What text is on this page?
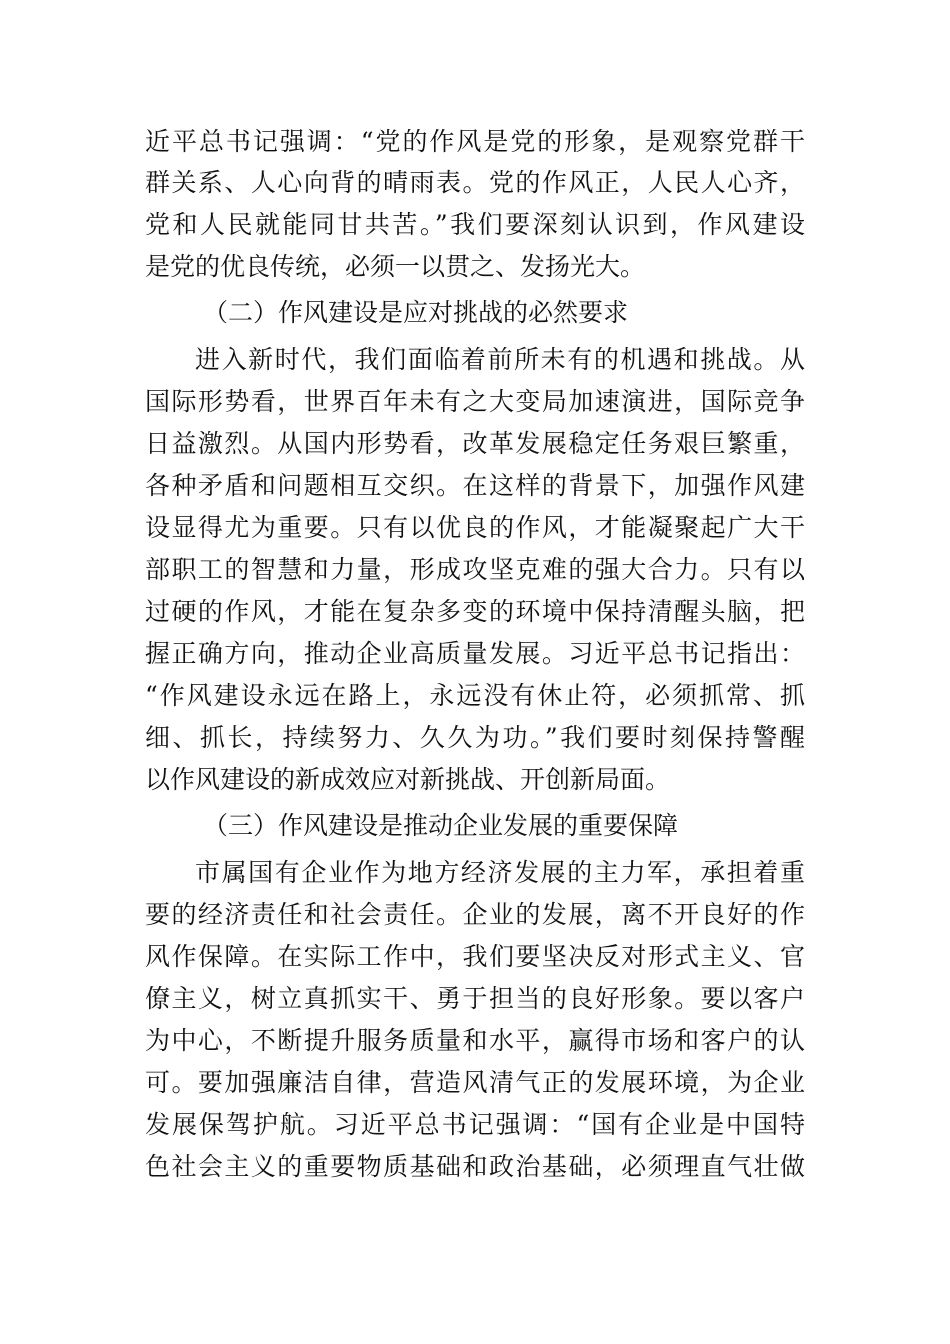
近平总书记强调：“党的作风是党的形象，是观察党群干
群关系、人心向背的晴雨表。党的作风正，人民人心齐，
党和人民就能同甘共苦。”我们要深刻认识到，作风建设
是党的优良传统，必须一以贯之、发扬光大。
（二）作风建设是应对挑战的必然要求
进入新时代，我们面临着前所未有的机遇和挑战。从
国际形势看，世界百年未有之大变局加速演进，国际竞争
日益激烈。从国内形势看，改革发展稳定任务艰巨繁重，
各种矛盾和问题相互交织。在这样的背景下，加强作风建
设显得尤为重要。只有以优良的作风，才能凝聚起广大干
部职工的智慧和力量，形成攻坚克难的强大合力。只有以
过硬的作风，才能在复杂多变的环境中保持清醒头脑，把
握正确方向，推动企业高质量发展。习近平总书记指出：
“作风建设永远在路上，永远没有休止符，必须抓常、抓
细、抓长，持续努力、久久为功。”我们要时刻保持警醒
以作风建设的新成效应对新挑战、开创新局面。
（三）作风建设是推动企业发展的重要保障
市属国有企业作为地方经济发展的主力军，承担着重
要的经济责任和社会责任。企业的发展，离不开良好的作
风作保障。在实际工作中，我们要坚决反对形式主义、官
僚主义，树立真抓实干、勇于担当的良好形象。要以客户
为中心，不断提升服务质量和水平，赢得市场和客户的认
可。要加强廉洁自律，营造风清气正的发展环境，为企业
发展保驾护航。习近平总书记强调：“国有企业是中国特
色社会主义的重要物质基础和政治基础，必须理直气壮做
